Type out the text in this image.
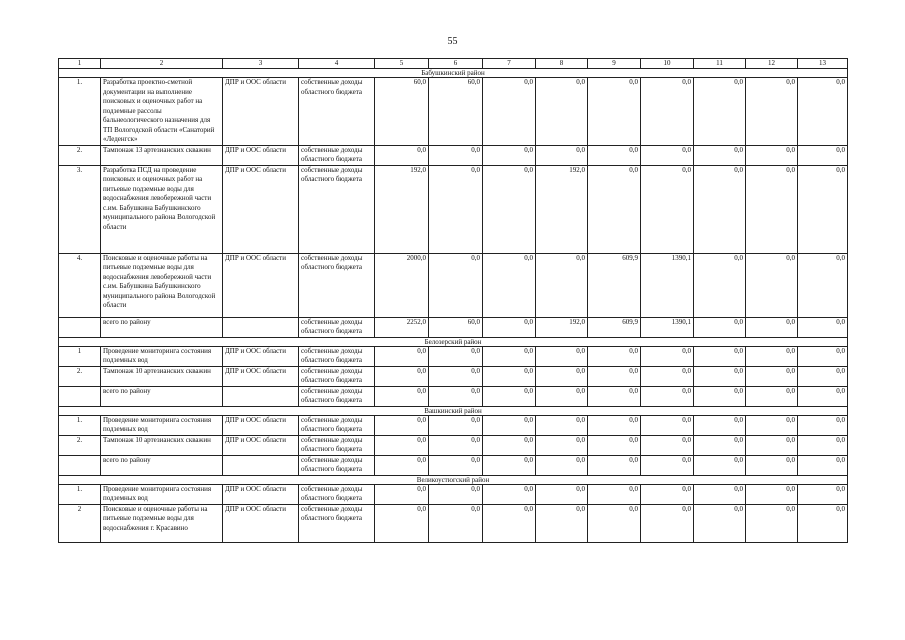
55
1	2	3	4	5	6	7	8	9	10	11	12	13
Бабушкинский район												
1.	Разработка проектно-сметной документации на выполнение поисковых и оценочных работ на подземные рассолы бальнеологического назначения для ТП Вологодской области «Санаторий «Леденгск»	ДПР и ООС области	собственные доходы областного бюджета	60,0	60,0	0,0	0,0	0,0	0,0	0,0	0,0	0,0
2.	Тампонаж 13 артезианских скважин	ДПР и ООС области	собственные доходы областного бюджета	0,0	0,0	0,0	0,0	0,0	0,0	0,0	0,0	0,0
3.	Разработка ПСД на проведение поисковых и оценочных работ на питьевые подземные воды для водоснабжения левобережной части с.им. Бабушкина Бабушкинского муниципального района Вологодской области	ДПР и ООС области	собственные доходы областного бюджета	192,0	0,0	0,0	192,0	0,0	0,0	0,0	0,0	0,0
4.	Поисковые и оценочные работы на питьевые подземные воды для водоснабжения левобережной части с.им. Бабушкина Бабушкинского муниципального района Вологодской области	ДПР и ООС области	собственные доходы областного бюджета	2000,0	0,0	0,0	0,0	609,9	1390,1	0,0	0,0	0,0
	всего по району		собственные доходы областного бюджета	2252,0	60,0	0,0	192,0	609,9	1390,1	0,0	0,0	0,0
Белозерский район												
1	Проведение мониторинга состояния подземных вод	ДПР и ООС области	собственные доходы областного бюджета	0,0	0,0	0,0	0,0	0,0	0,0	0,0	0,0	0,0
2.	Тампонаж 10 артезианских скважин	ДПР и ООС области	собственные доходы областного бюджета	0,0	0,0	0,0	0,0	0,0	0,0	0,0	0,0	0,0
	всего по району		собственные доходы областного бюджета	0,0	0,0	0,0	0,0	0,0	0,0	0,0	0,0	0,0
Вашкинский район												
1.	Проведение мониторинга состояния подземных вод	ДПР и ООС области	собственные доходы областного бюджета	0,0	0,0	0,0	0,0	0,0	0,0	0,0	0,0	0,0
2.	Тампонаж 10 артезианских скважин	ДПР и ООС области	собственные доходы областного бюджета	0,0	0,0	0,0	0,0	0,0	0,0	0,0	0,0	0,0
	всего по району		собственные доходы областного бюджета	0,0	0,0	0,0	0,0	0,0	0,0	0,0	0,0	0,0
Великоустюгский район												
1.	Проведение мониторинга состояния подземных вод	ДПР и ООС области	собственные доходы областного бюджета	0,0	0,0	0,0	0,0	0,0	0,0	0,0	0,0	0,0
2	Поисковые и оценочные работы на питьевые подземные воды для водоснабжения г. Красавино	ДПР и ООС области	собственные доходы областного бюджета	0,0	0,0	0,0	0,0	0,0	0,0	0,0	0,0	0,0
